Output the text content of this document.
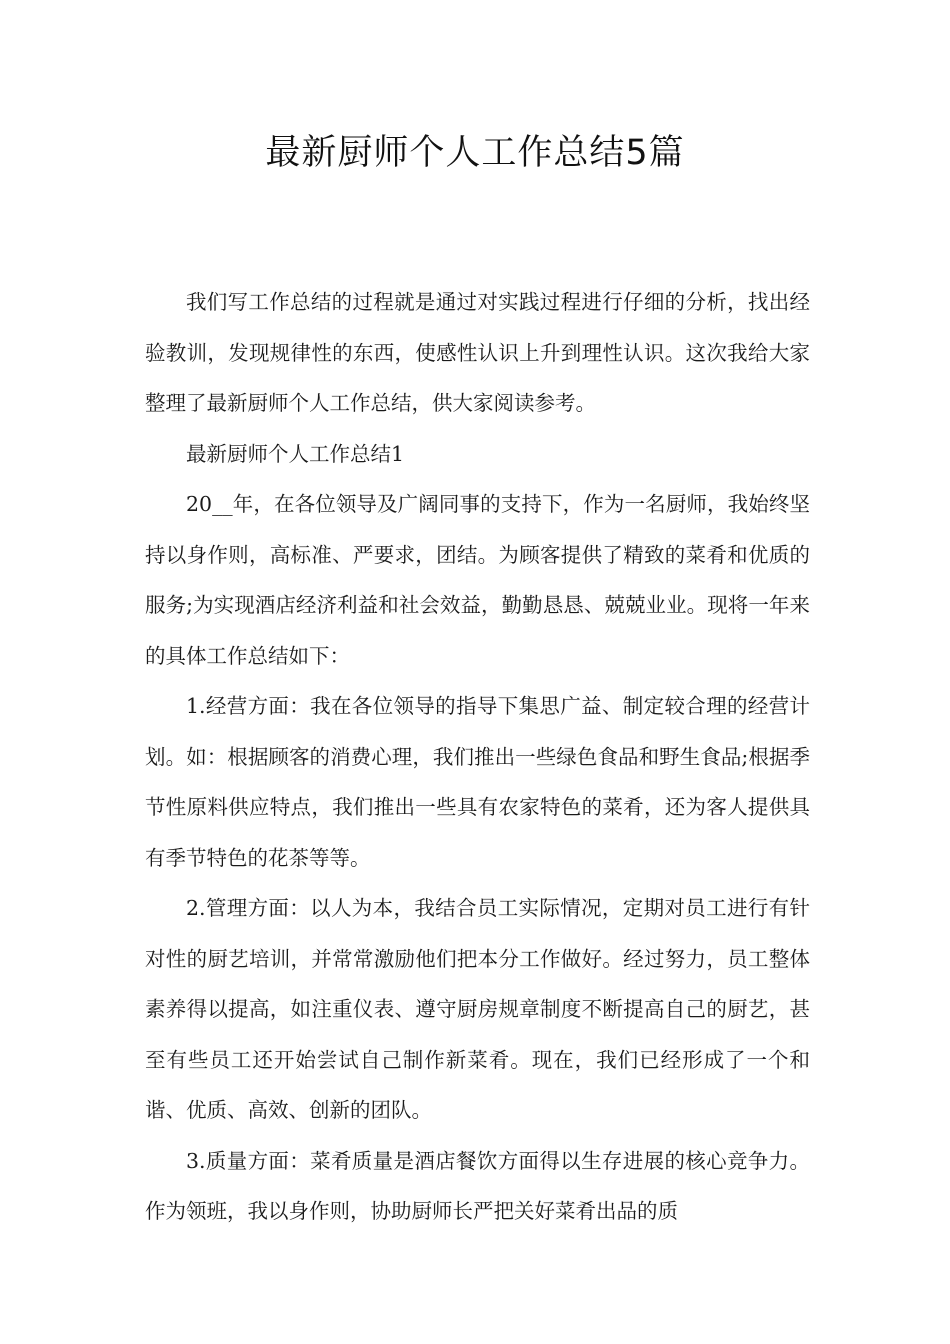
最新厨师个人工作总结5篇

我们写工作总结的过程就是通过对实践过程进行仔细的分析，找出经验教训，发现规律性的东西，使感性认识上升到理性认识。这次我给大家整理了最新厨师个人工作总结，供大家阅读参考。

最新厨师个人工作总结1

20__年，在各位领导及广阔同事的支持下，作为一名厨师，我始终坚持以身作则，高标准、严要求，团结。为顾客提供了精致的菜肴和优质的服务;为实现酒店经济利益和社会效益，勤勤恳恳、兢兢业业。现将一年来的具体工作总结如下：

1.经营方面：我在各位领导的指导下集思广益、制定较合理的经营计划。如：根据顾客的消费心理，我们推出一些绿色食品和野生食品;根据季节性原料供应特点，我们推出一些具有农家特色的菜肴，还为客人提供具有季节特色的花茶等等。

2.管理方面：以人为本，我结合员工实际情况，定期对员工进行有针对性的厨艺培训，并常常激励他们把本分工作做好。经过努力，员工整体素养得以提高，如注重仪表、遵守厨房规章制度不断提高自己的厨艺，甚至有些员工还开始尝试自己制作新菜肴。现在，我们已经形成了一个和谐、优质、高效、创新的团队。

3.质量方面：菜肴质量是酒店餐饮方面得以生存进展的核心竞争力。作为领班，我以身作则，协助厨师长严把关好菜肴出品的质
